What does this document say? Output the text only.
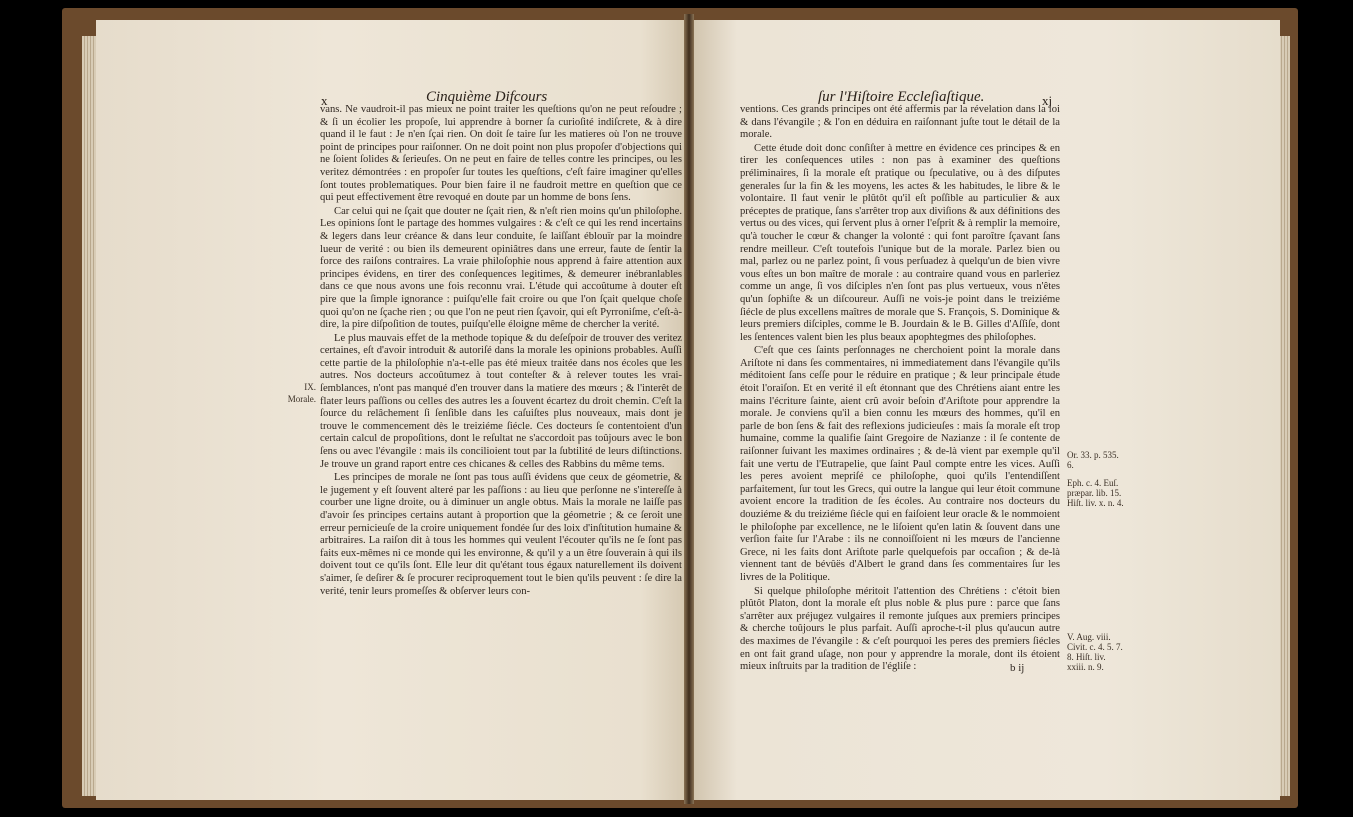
x	Cinquième Difcours

vans. Ne vaudroit-il pas mieux ne point traiter les queſtions qu'on ne peut reſoudre ; & ſi un écolier les propoſe, lui apprendre à borner ſa curioſité indiſcrete, & à dire quand il le faut : Je n'en ſçai rien. On doit ſe taire ſur les matieres où l'on ne trouve point de principes pour raiſonner. On ne doit point non plus propoſer d'objections qui ne ſoient ſolides & ſerieuſes. On ne peut en faire de telles contre les principes, ou les veritez démontrées : en propoſer ſur toutes les queſtions, c'eſt faire imaginer qu'elles ſont toutes problematiques. Pour bien faire il ne faudroit mettre en queſtion que ce qui peut effectivement être revoqué en doute par un homme de bons ſens.

Car celui qui ne ſçait que douter ne ſçait rien, & n'eſt rien moins qu'un philoſophe. Les opinions ſont le partage des hommes vulgaires : & c'eſt ce qui les rend incertains & legers dans leur créance & dans leur conduite, ſe laiſſant éblouïr par la moindre lueur de verité : ou bien ils demeurent opiniâtres dans une erreur, faute de ſentir la force des raiſons contraires. La vraie philoſophie nous apprend à faire attention aux principes évidens, en tirer des conſequences legitimes, & demeurer inébranlables dans ce que nous avons une fois reconnu vrai. L'étude qui accoûtume à douter eſt pire que la ſimple ignorance : puiſqu'elle fait croire ou que l'on ſçait quelque choſe quoi qu'on ne ſçache rien ; ou que l'on ne peut rien ſçavoir, qui eſt Pyrroniſme, c'eſt-à-dire, la pire diſpoſition de toutes, puiſqu'elle éloigne même de chercher la verité.

Le plus mauvais effet de la methode topique & du deſeſpoir de trouver des veritez certaines, eſt d'avoir introduit & autoriſé dans la morale les opinions probables. Auſſi cette partie de la philoſophie n'a-t-elle pas été mieux traitée dans nos écoles que les autres. Nos docteurs accoûtumez à tout conteſter & à relever toutes les vrai-ſemblances, n'ont pas manqué d'en trouver dans la matiere des mœurs ; & l'interêt de flater leurs paſſions ou celles des autres les a ſouvent écartez du droit chemin. C'eſt la ſource du relâchement ſi ſenſible dans les caſuiſtes plus nouveaux, mais dont je trouve le commencement dès le treiziéme ſiécle. Ces docteurs ſe contentoient d'un certain calcul de propoſitions, dont le reſultat ne s'accordoit pas toûjours avec le bon ſens ou avec l'évangile : mais ils concilioient tout par la ſubtilité de leurs diſtinctions. Je trouve un grand raport entre ces chicanes & celles des Rabbins du même tems.

Les principes de morale ne ſont pas tous auſſi évidens que ceux de géometrie, & le jugement y eſt ſouvent alteré par les paſſions : au lieu que perſonne ne s'intereſſe à courber une ligne droite, ou à diminuer un angle obtus. Mais la morale ne laiſſe pas d'avoir ſes principes certains autant à proportion que la géometrie ; & ce ſeroit une erreur pernicieuſe de la croire uniquement fondée ſur des loix d'inſtitution humaine & arbitraires. La raiſon dit à tous les hommes qui veulent l'écouter qu'ils ne ſe ſont pas faits eux-mêmes ni ce monde qui les environne, & qu'il y a un être ſouverain à qui ils doivent tout ce qu'ils ſont. Elle leur dit qu'étant tous égaux naturellement ils doivent s'aimer, ſe deſirer & ſe procurer reciproquement tout le bien qu'ils peuvent : ſe dire la verité, tenir leurs promeſſes & obſerver leurs con-

IX.
Morale.
ſur l'Hiſtoire Eccleſiaſtique.	xj

ventions. Ces grands principes ont été affermis par la révelation dans la loi & dans l'évangile ; & l'on en déduira en raiſonnant juſte tout le détail de la morale.

Cette étude doit donc conſiſter à mettre en évidence ces principes & en tirer les conſequences utiles : non pas à examiner des queſtions préliminaires, ſi la morale eſt pratique ou ſpeculative, ou à des diſputes generales ſur la fin & les moyens, les actes & les habitudes, le libre & le volontaire. Il faut venir le plûtôt qu'il eſt poſſible au particulier & aux préceptes de pratique, ſans s'arrêter trop aux diviſions & aux définitions des vertus ou des vices, qui ſervent plus à orner l'eſprit & à remplir la memoire, qu'à toucher le cœur & changer la volonté : qui font paroître ſçavant ſans rendre meilleur. C'eſt toutefois l'unique but de la morale. Parlez bien ou mal, parlez ou ne parlez point, ſi vous perſuadez à quelqu'un de bien vivre vous eſtes un bon maître de morale : au contraire quand vous en parleriez comme un ange, ſi vos diſciples n'en ſont pas plus vertueux, vous n'êtes qu'un ſophiſte & un diſcoureur. Auſſi ne vois-je point dans le treiziéme ſiécle de plus excellens maîtres de morale que S. François, S. Dominique & leurs premiers diſciples, comme le B. Jourdain & le B. Gilles d'Aſſiſe, dont les ſentences valent bien les plus beaux apophtegmes des philoſophes.

C'eſt que ces ſaints perſonnages ne cherchoient point la morale dans Ariſtote ni dans ſes commentaires, ni immediatement dans l'évangile qu'ils méditoient ſans ceſſe pour le réduire en pratique ; & leur principale étude étoit l'oraiſon. Et en verité il eſt étonnant que des Chrétiens aiant entre les mains l'écriture ſainte, aient crû avoir beſoin d'Ariſtote pour apprendre la morale. Je conviens qu'il a bien connu les mœurs des hommes, qu'il en parle de bon ſens & fait des reflexions judicieuſes : mais ſa morale eſt trop humaine, comme la qualifie ſaint Gregoire de Nazianze : il ſe contente de raiſonner ſuivant les maximes ordinaires ; & de-là vient par exemple qu'il fait une vertu de l'Eutrapelie, que ſaint Paul compte entre les vices. Auſſi les peres avoient mepriſé ce philoſophe, quoi qu'ils l'entendiſſent parfaitement, ſur tout les Grecs, qui outre la langue qui leur étoit commune avoient encore la tradition de ſes écoles. Au contraire nos docteurs du douziéme & du treiziéme ſiécle qui en faiſoient leur oracle & le nommoient le philoſophe par excellence, ne le liſoient qu'en latin & ſouvent dans une verſion faite ſur l'Arabe : ils ne connoiſſoient ni les mœurs de l'ancienne Grece, ni les faits dont Ariſtote parle quelquefois par occaſion ; & de-là viennent tant de bévûës d'Albert le grand dans ſes commentaires ſur les livres de la Politique.

Si quelque philoſophe méritoit l'attention des Chrétiens : c'étoit bien plûtôt Platon, dont la morale eſt plus noble & plus pure : parce que ſans s'arrêter aux préjugez vulgaires il remonte juſques aux premiers principes & cherche toûjours le plus parfait. Auſſi aproche-t-il plus qu'aucun autre des maximes de l'évangile : & c'eſt pourquoi les peres des premiers ſiécles en ont fait grand uſage, non pour y apprendre la morale, dont ils étoient mieux inſtruits par la tradition de l'égliſe :

Or. 33. p. 535. 6.
Eph. c. 4. Euſ. præpar. lib. 15. Hiſt. liv. x. n. 4.
V. Aug. viii. Civit. c. 4. 5. 7. 8. Hiſt. liv. xxiii. n. 9.
b ij
